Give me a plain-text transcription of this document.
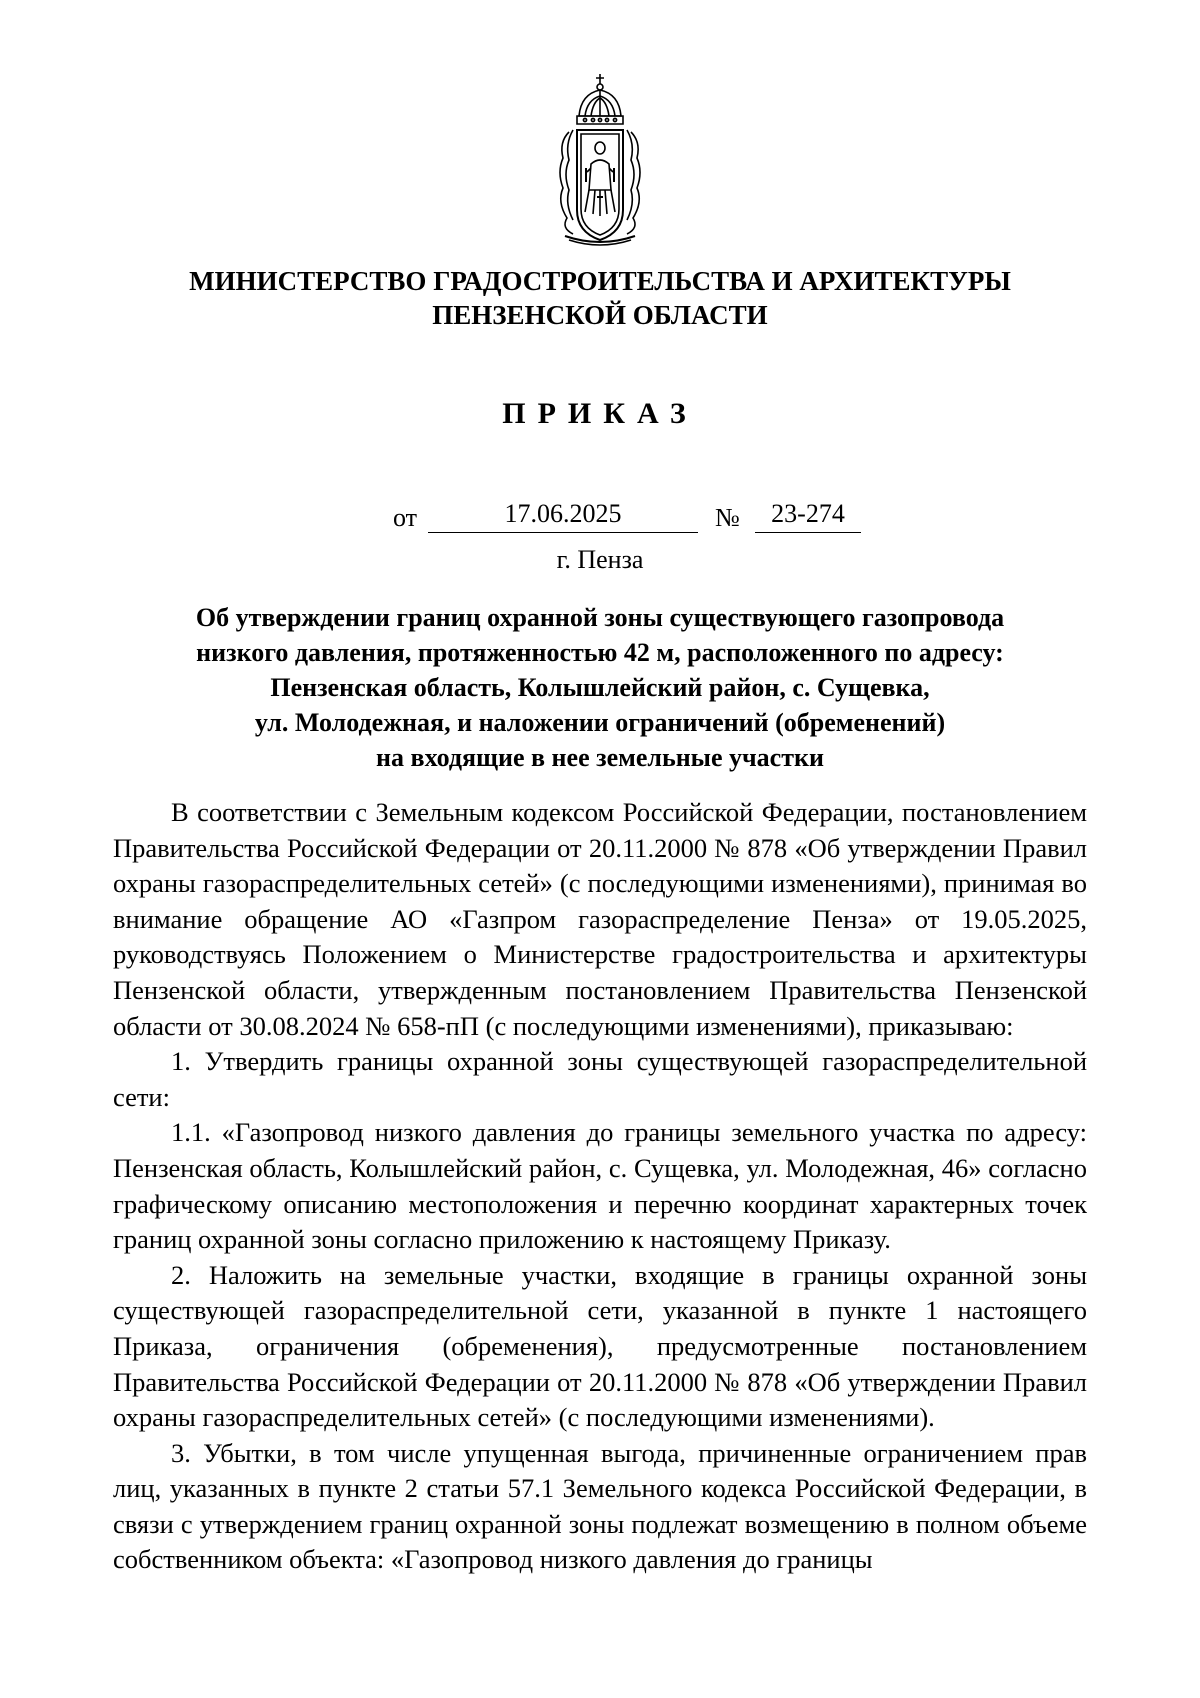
МИНИСТЕРСТВО ГРАДОСТРОИТЕЛЬСТВА И АРХИТЕКТУРЫ
ПЕНЗЕНСКОЙ ОБЛАСТИ
ПРИКАЗ
от	17.06.2025	№	23-274
г. Пенза
Об утверждении границ охранной зоны существующего газопровода
низкого давления, протяженностью 42 м, расположенного по адресу:
Пензенская область, Колышлейский район, с. Сущевка,
ул. Молодежная, и наложении ограничений (обременений)
на входящие в нее земельные участки

В соответствии с Земельным кодексом Российской Федерации, постановлением Правительства Российской Федерации от 20.11.2000 № 878 «Об утверждении Правил охраны газораспределительных сетей» (с последующими изменениями), принимая во внимание обращение АО «Газпром газораспределение Пенза» от 19.05.2025, руководствуясь Положением о Министерстве градостроительства и архитектуры Пензенской области, утвержденным постановлением Правительства Пензенской области от 30.08.2024 № 658-пП (с последующими изменениями), приказываю:

1. Утвердить границы охранной зоны существующей газораспределительной сети:

1.1. «Газопровод низкого давления до границы земельного участка по адресу: Пензенская область, Колышлейский район, с. Сущевка, ул. Молодежная, 46» согласно графическому описанию местоположения и перечню координат характерных точек границ охранной зоны согласно приложению к настоящему Приказу.

2. Наложить на земельные участки, входящие в границы охранной зоны существующей газораспределительной сети, указанной в пункте 1 настоящего Приказа, ограничения (обременения), предусмотренные постановлением Правительства Российской Федерации от 20.11.2000 № 878 «Об утверждении Правил охраны газораспределительных сетей» (с последующими изменениями).

3. Убытки, в том числе упущенная выгода, причиненные ограничением прав лиц, указанных в пункте 2 статьи 57.1 Земельного кодекса Российской Федерации, в связи с утверждением границ охранной зоны подлежат возмещению в полном объеме собственником объекта: «Газопровод низкого давления до границы
